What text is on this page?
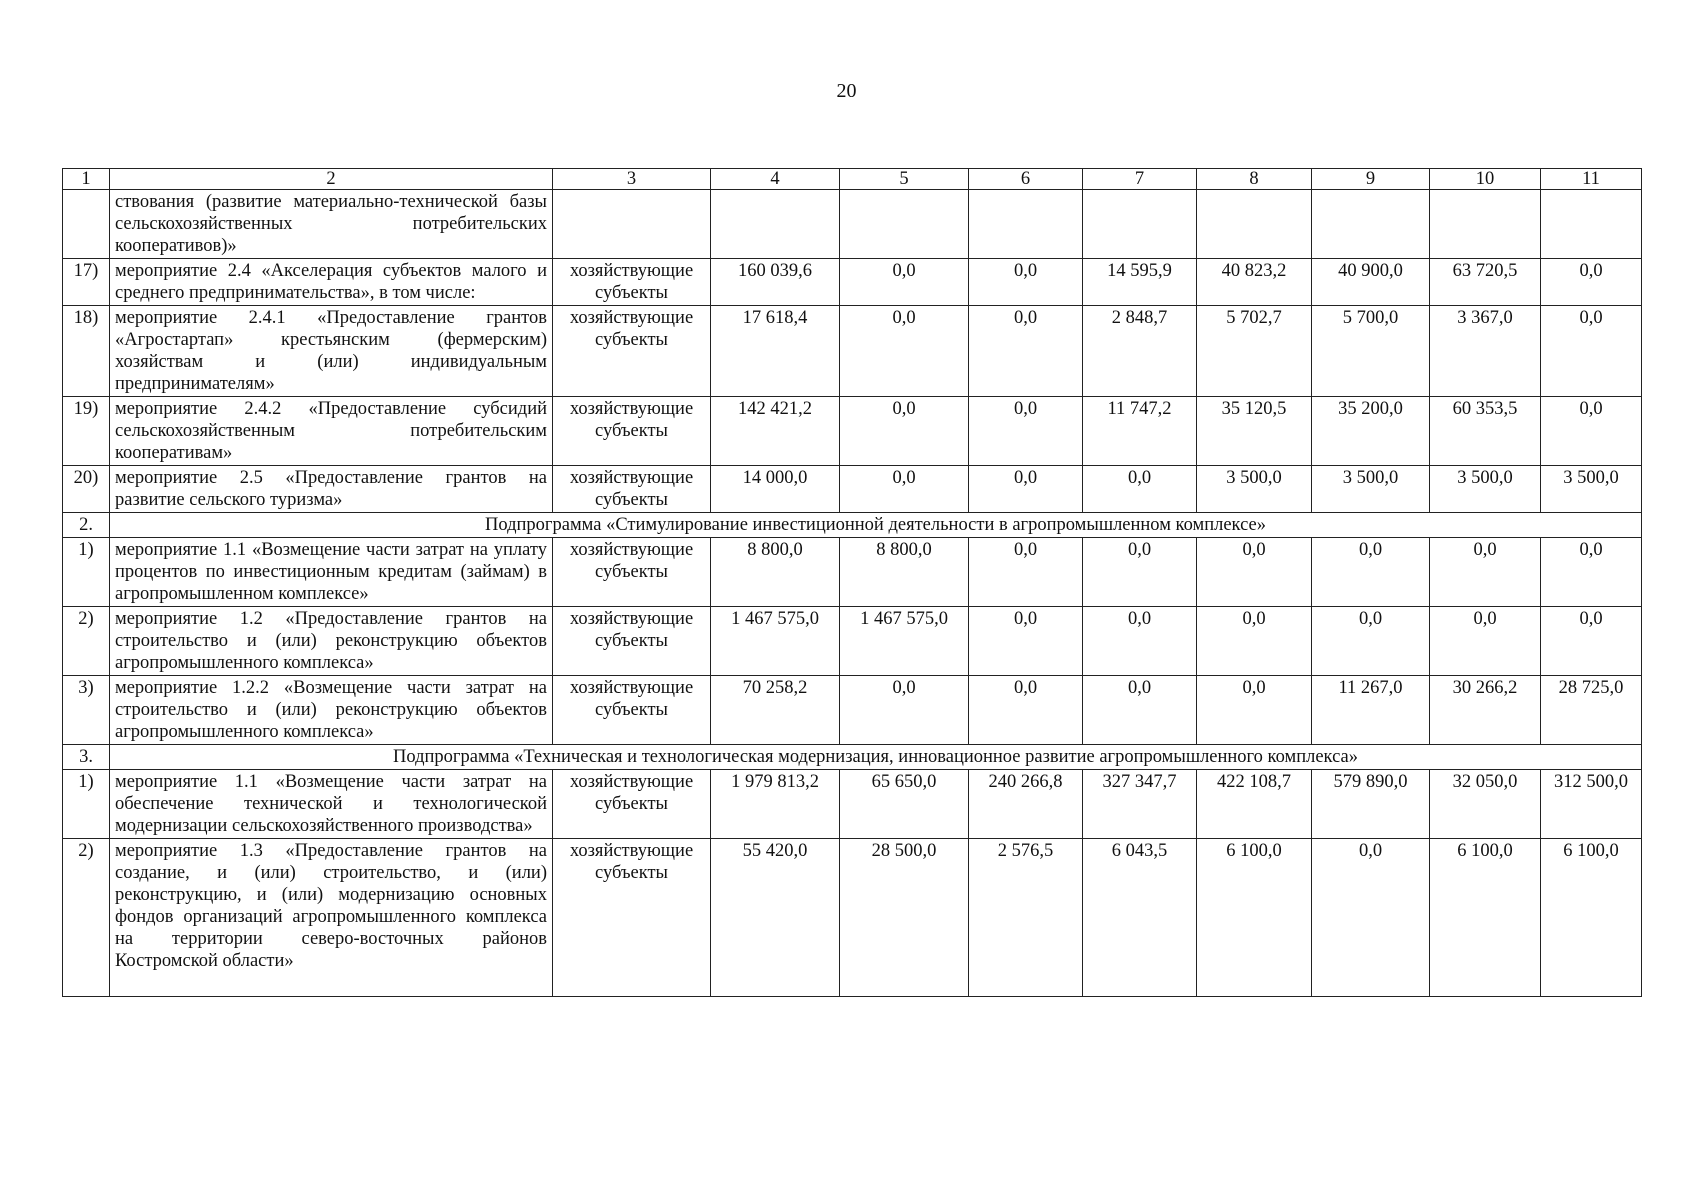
20
1	2	3	4	5	6	7	8	9	10	11
	ствования (развитие материально-технической базы сельскохозяйственных потребительских кооперативов)»									
17)	мероприятие 2.4 «Акселерация субъектов малого и среднего предпринимательства», в том числе:	хозяйствующие субъекты	160 039,6	0,0	0,0	14 595,9	40 823,2	40 900,0	63 720,5	0,0
18)	мероприятие 2.4.1 «Предоставление грантов «Агростартап» крестьянским (фермерским) хозяйствам и (или) индивидуальным предпринимателям»	хозяйствующие субъекты	17 618,4	0,0	0,0	2 848,7	5 702,7	5 700,0	3 367,0	0,0
19)	мероприятие 2.4.2 «Предоставление субсидий сельскохозяйственным потребительским кооперативам»	хозяйствующие субъекты	142 421,2	0,0	0,0	11 747,2	35 120,5	35 200,0	60 353,5	0,0
20)	мероприятие 2.5 «Предоставление грантов на развитие сельского туризма»	хозяйствующие субъекты	14 000,0	0,0	0,0	0,0	3 500,0	3 500,0	3 500,0	3 500,0
2.	Подпрограмма «Стимулирование инвестиционной деятельности в агропромышленном комплексе»									
1)	мероприятие 1.1 «Возмещение части затрат на уплату процентов по инвестиционным кредитам (займам) в агропромышленном комплексе»	хозяйствующие субъекты	8 800,0	8 800,0	0,0	0,0	0,0	0,0	0,0	0,0
2)	мероприятие 1.2 «Предоставление грантов на строительство и (или) реконструкцию объектов агропромышленного комплекса»	хозяйствующие субъекты	1 467 575,0	1 467 575,0	0,0	0,0	0,0	0,0	0,0	0,0
3)	мероприятие 1.2.2 «Возмещение части затрат на строительство и (или) реконструкцию объектов агропромышленного комплекса»	хозяйствующие субъекты	70 258,2	0,0	0,0	0,0	0,0	11 267,0	30 266,2	28 725,0
3.	Подпрограмма «Техническая и технологическая модернизация, инновационное развитие агропромышленного комплекса»									
1)	мероприятие 1.1 «Возмещение части затрат на обеспечение технической и технологической модернизации сельскохозяйственного производства»	хозяйствующие субъекты	1 979 813,2	65 650,0	240 266,8	327 347,7	422 108,7	579 890,0	32 050,0	312 500,0
2)	мероприятие 1.3 «Предоставление грантов на создание, и (или) строительство, и (или) реконструкцию, и (или) модернизацию основных фондов организаций агропромышленного комплекса на территории северо-восточных районов Костромской области»	хозяйствующие субъекты	55 420,0	28 500,0	2 576,5	6 043,5	6 100,0	0,0	6 100,0	6 100,0
